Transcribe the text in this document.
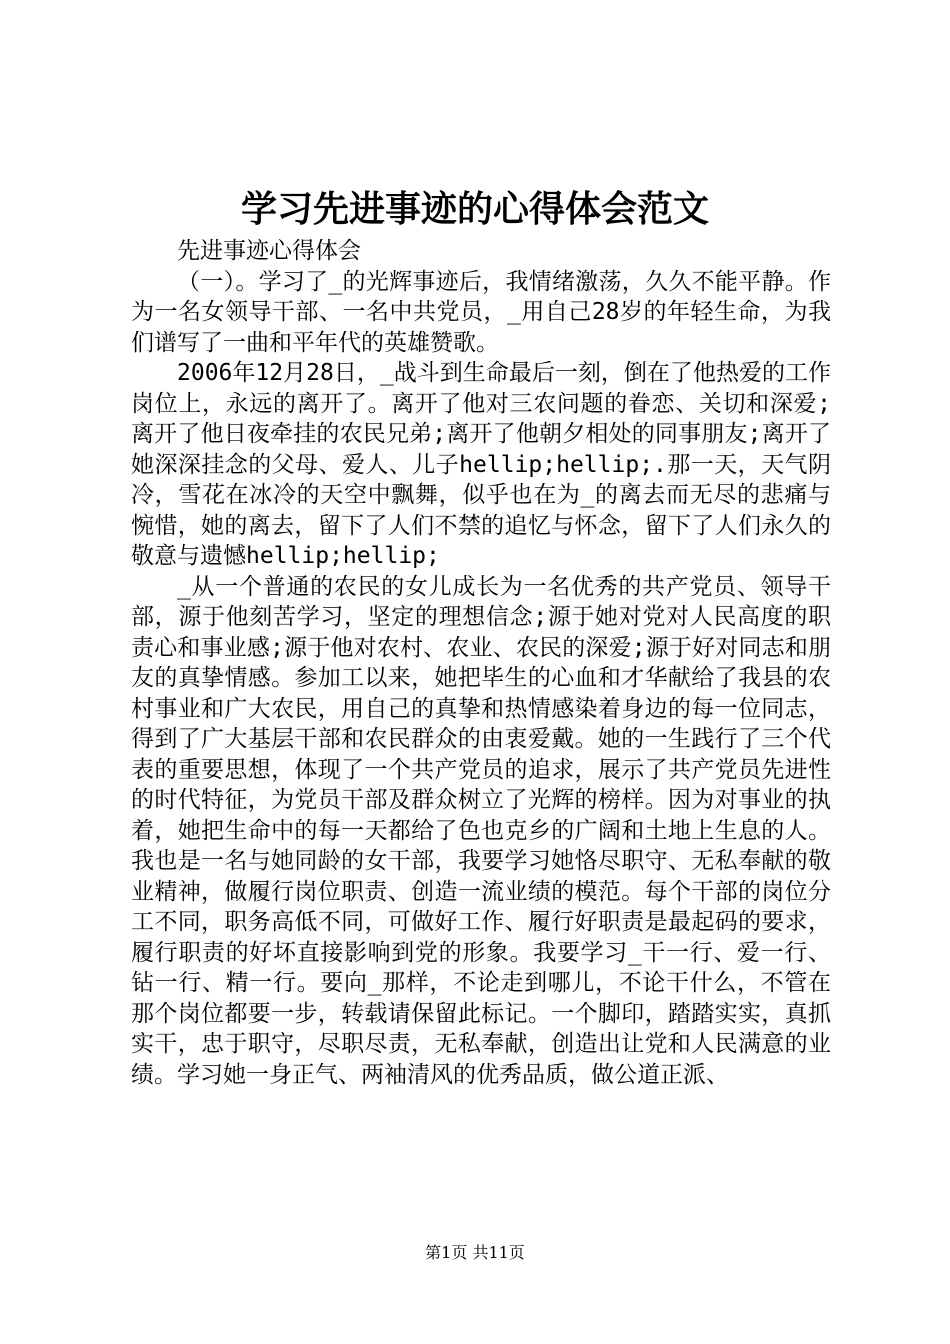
学习先进事迹的心得体会范文

先进事迹心得体会

（一）。学习了_的光辉事迹后，我情绪激荡，久久不能平静。作为一名女领导干部、一名中共党员，_用自己28岁的年轻生命，为我们谱写了一曲和平年代的英雄赞歌。

2006年12月28日，_战斗到生命最后一刻，倒在了他热爱的工作岗位上，永远的离开了。离开了他对三农问题的眷恋、关切和深爱;离开了他日夜牵挂的农民兄弟;离开了他朝夕相处的同事朋友;离开了她深深挂念的父母、爱人、儿子hellip;hellip;.那一天，天气阴冷，雪花在冰冷的天空中飘舞，似乎也在为_的离去而无尽的悲痛与惋惜，她的离去，留下了人们不禁的追忆与怀念，留下了人们永久的敬意与遗憾hellip;hellip;

_从一个普通的农民的女儿成长为一名优秀的共产党员、领导干部，源于他刻苦学习，坚定的理想信念;源于她对党对人民高度的职责心和事业感;源于他对农村、农业、农民的深爱;源于好对同志和朋友的真挚情感。参加工以来，她把毕生的心血和才华献给了我县的农村事业和广大农民，用自己的真挚和热情感染着身边的每一位同志，得到了广大基层干部和农民群众的由衷爱戴。她的一生践行了三个代表的重要思想，体现了一个共产党员的追求，展示了共产党员先进性的时代特征，为党员干部及群众树立了光辉的榜样。因为对事业的执着，她把生命中的每一天都给了色也克乡的广阔和土地上生息的人。我也是一名与她同龄的女干部，我要学习她恪尽职守、无私奉献的敬业精神，做履行岗位职责、创造一流业绩的模范。每个干部的岗位分工不同，职务高低不同，可做好工作、履行好职责是最起码的要求，履行职责的好坏直接影响到党的形象。我要学习_干一行、爱一行、钻一行、精一行。要向_那样，不论走到哪儿，不论干什么，不管在那个岗位都要一步，转载请保留此标记。一个脚印，踏踏实实，真抓实干，忠于职守，尽职尽责，无私奉献，创造出让党和人民满意的业绩。学习她一身正气、两袖清风的优秀品质，做公道正派、

第1页 共11页
